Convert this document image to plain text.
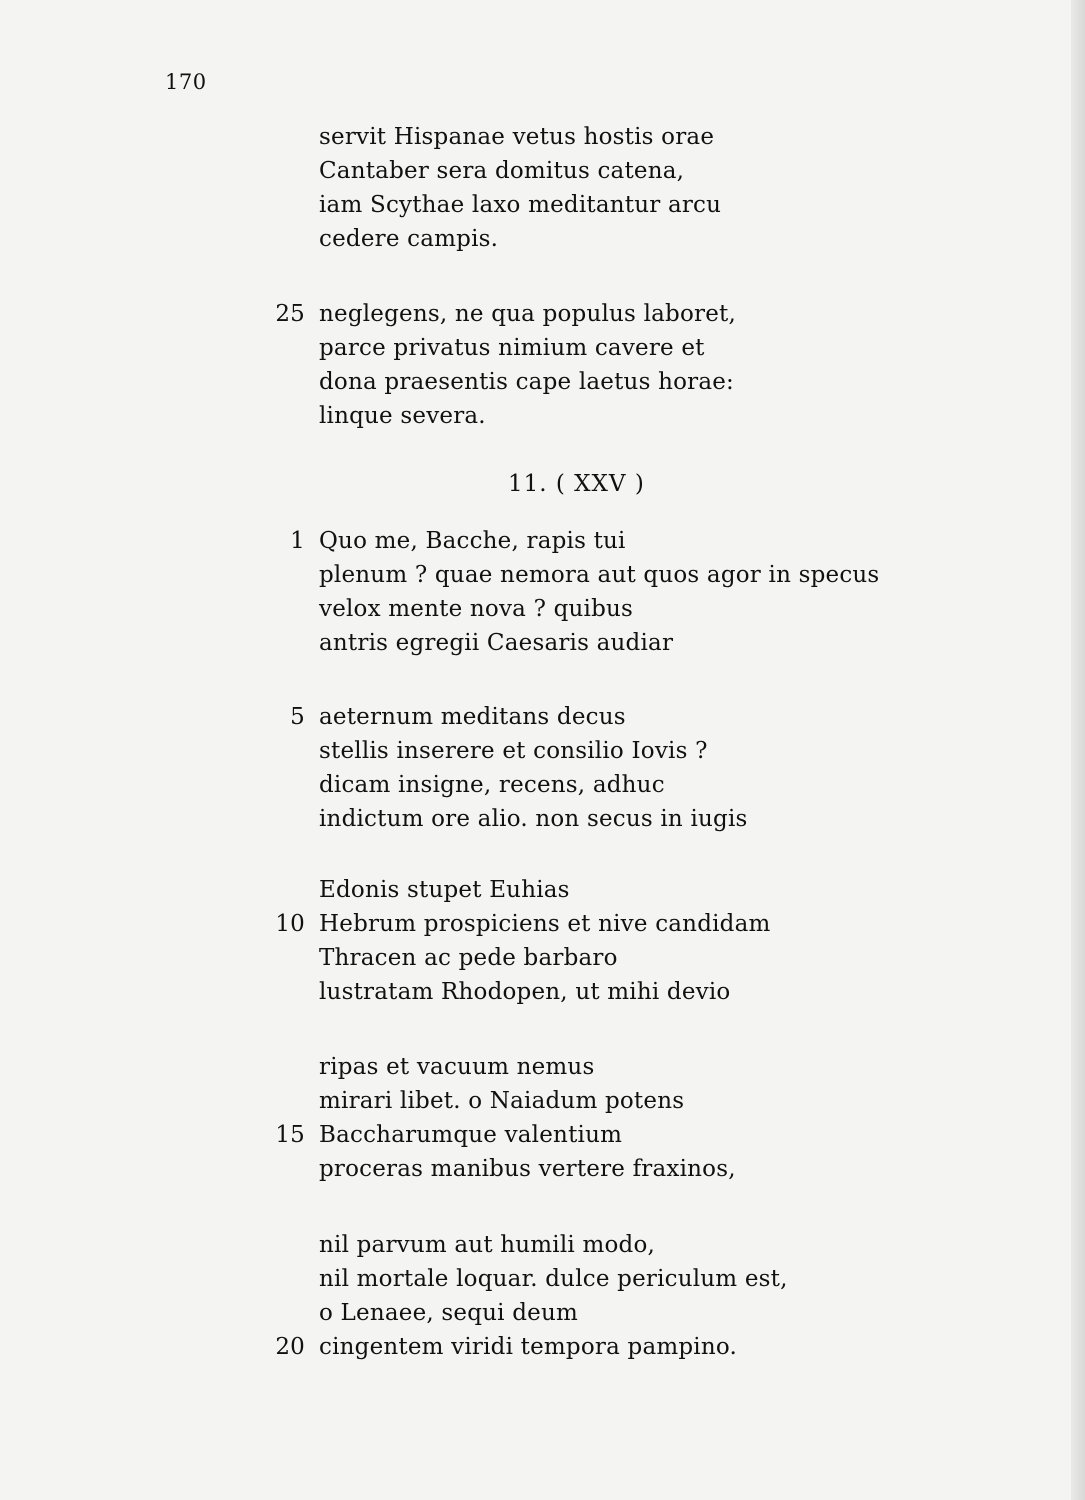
170
11. ( XXV )
servit Hispanae vetus hostis orae
Cantaber sera domitus catena,
iam Scythae laxo meditantur arcu
cedere campis.
25 neglegens, ne qua populus laboret,
parce privatus nimium cavere et
dona praesentis cape laetus horae:
linque severa.
1 Quo me, Bacche, rapis tui
plenum ? quae nemora aut quos agor in specus
velox mente nova ? quibus
antris egregii Caesaris audiar
5 aeternum meditans decus
stellis inserere et consilio Iovis ?
dicam insigne, recens, adhuc
indictum ore alio. non secus in iugis
Edonis stupet Euhias
10 Hebrum prospiciens et nive candidam
Thracen ac pede barbaro
lustratam Rhodopen, ut mihi devio
ripas et vacuum nemus
mirari libet. o Naiadum potens
15 Baccharumque valentium
proceras manibus vertere fraxinos,
nil parvum aut humili modo,
nil mortale loquar. dulce periculum est,
o Lenaee, sequi deum
20 cingentem viridi tempora pampino.
